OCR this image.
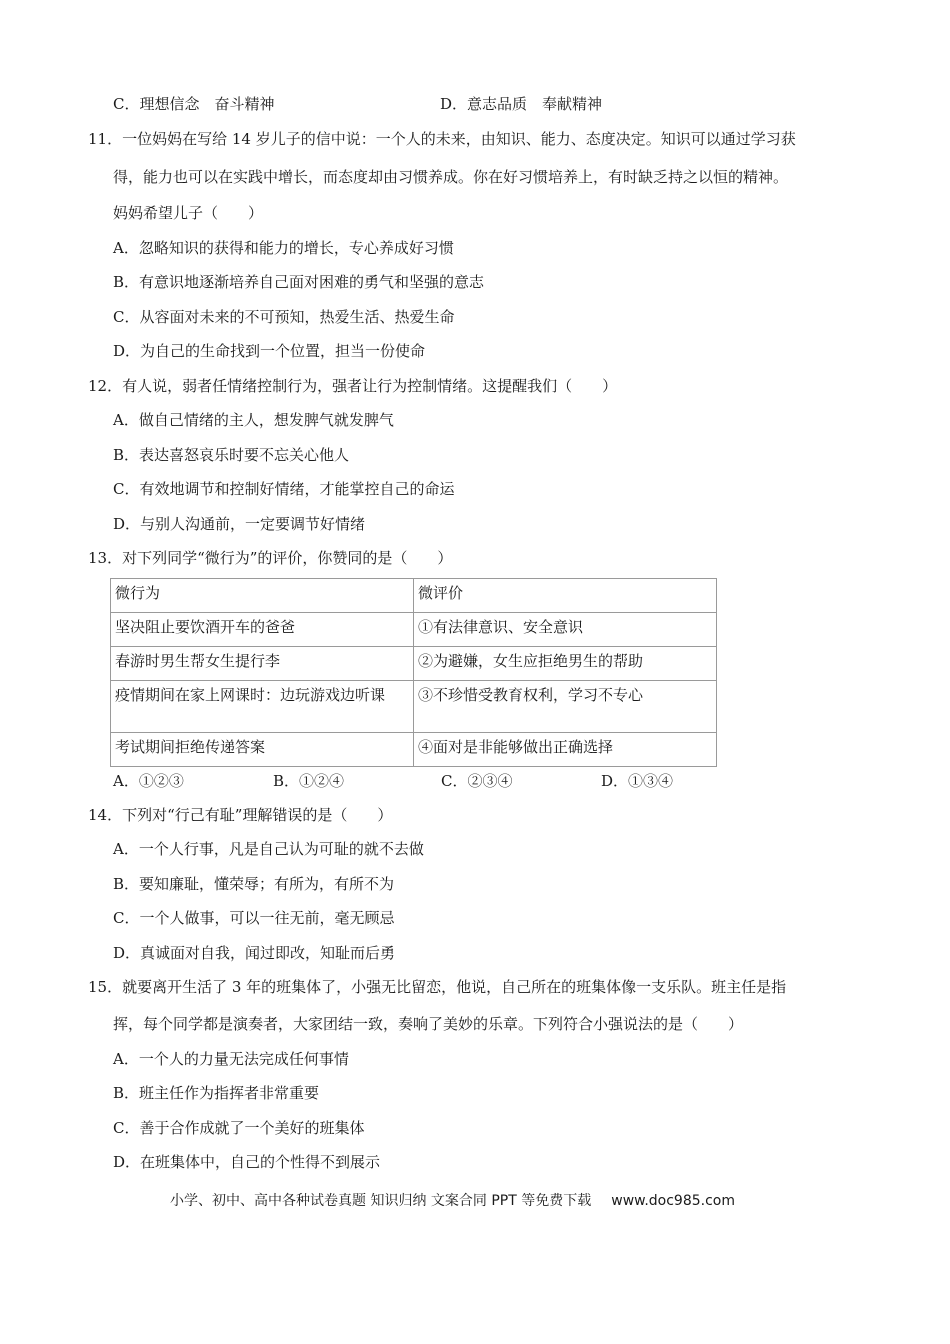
C．理想信念　奋斗精神	D．意志品质　奉献精神
11．一位妈妈在写给 14 岁儿子的信中说：一个人的未来，由知识、能力、态度决定。知识可以通过学习获
得，能力也可以在实践中增长，而态度却由习惯养成。你在好习惯培养上，有时缺乏持之以恒的精神。
妈妈希望儿子（　　）
A．忽略知识的获得和能力的增长，专心养成好习惯
B．有意识地逐渐培养自己面对困难的勇气和坚强的意志
C．从容面对未来的不可预知，热爱生活、热爱生命
D．为自己的生命找到一个位置，担当一份使命
12．有人说，弱者任情绪控制行为，强者让行为控制情绪。这提醒我们（　　）
A．做自己情绪的主人，想发脾气就发脾气
B．表达喜怒哀乐时要不忘关心他人
C．有效地调节和控制好情绪，才能掌控自己的命运
D．与别人沟通前，一定要调节好情绪
13．对下列同学“微行为”的评价，你赞同的是（　　）
微行为	微评价
坚决阻止要饮酒开车的爸爸	①有法律意识、安全意识
春游时男生帮女生提行李	②为避嫌，女生应拒绝男生的帮助
疫情期间在家上网课时：边玩游戏边听课	③不珍惜受教育权利，学习不专心
考试期间拒绝传递答案	④面对是非能够做出正确选择
A．①②③	B．①②④	C．②③④	D．①③④
14．下列对“行己有耻”理解错误的是（　　）
A．一个人行事，凡是自己认为可耻的就不去做
B．要知廉耻，懂荣辱；有所为，有所不为
C．一个人做事，可以一往无前，毫无顾忌
D．真诚面对自我，闻过即改，知耻而后勇
15．就要离开生活了 3 年的班集体了，小强无比留恋，他说，自己所在的班集体像一支乐队。班主任是指
挥，每个同学都是演奏者，大家团结一致，奏响了美妙的乐章。下列符合小强说法的是（　　）
A．一个人的力量无法完成任何事情
B．班主任作为指挥者非常重要
C．善于合作成就了一个美好的班集体
D．在班集体中，自己的个性得不到展示
小学、初中、高中各种试卷真题 知识归纳 文案合同 PPT 等免费下载 www.doc985.com
